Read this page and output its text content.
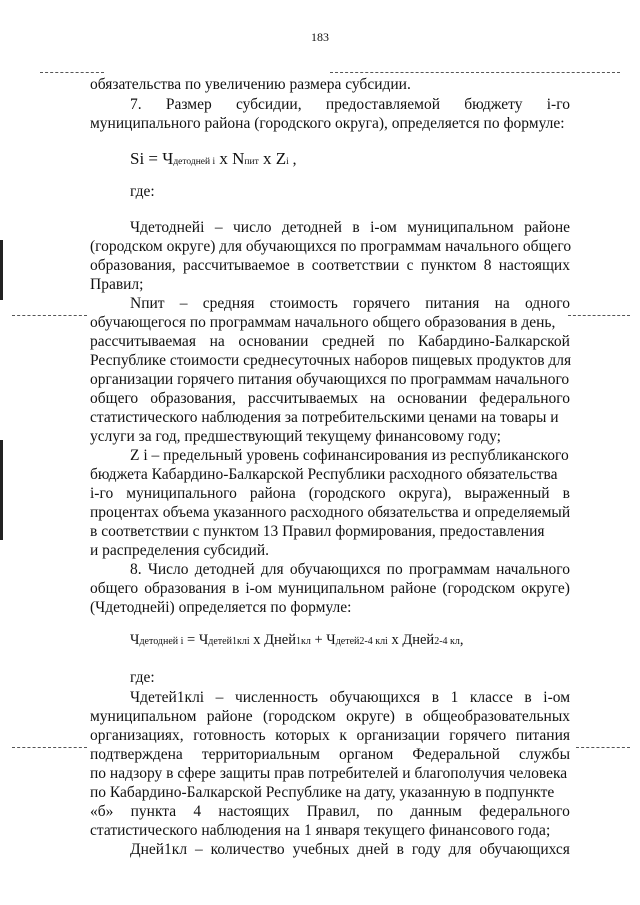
183
обязательства по увеличению размера субсидии.
7. Размер субсидии, предоставляемой бюджету i-го
муниципального района (городского округа), определяется по формуле:
Si = Чдетодней i x Nпит x Zi ,
где:
Чдетоднейi – число детодней в i-ом муниципальном районе
(городском округе) для обучающихся по программам начального общего
образования, рассчитываемое в соответствии с пунктом 8 настоящих
Правил;
Nпит – средняя стоимость горячего питания на одного
обучающегося по программам начального общего образования в день,
рассчитываемая на основании средней по Кабардино-Балкарской
Республике стоимости среднесуточных наборов пищевых продуктов для
организации горячего питания обучающихся по программам начального
общего образования, рассчитываемых на основании федерального
статистического наблюдения за потребительскими ценами на товары и
услуги за год, предшествующий текущему финансовому году;
Z i – предельный уровень софинансирования из республиканского
бюджета Кабардино-Балкарской Республики расходного обязательства
i-го муниципального района (городского округа), выраженный в
процентах объема указанного расходного обязательства и определяемый
в соответствии с пунктом 13 Правил формирования, предоставления
и распределения субсидий.
8. Число детодней для обучающихся по программам начального
общего образования в i-ом муниципальном районе (городском округе)
(Чдетоднейi) определяется по формуле:
Чдетодней i = Чдетей1клi x Дней1кл + Чдетей2-4 клi x Дней2-4 кл,
где:
Чдетей1клi – численность обучающихся в 1 классе в i-ом
муниципальном районе (городском округе) в общеобразовательных
организациях, готовность которых к организации горячего питания
подтверждена территориальным органом Федеральной службы
по надзору в сфере защиты прав потребителей и благополучия человека
по Кабардино-Балкарской Республике на дату, указанную в подпункте
«б» пункта 4 настоящих Правил, по данным федерального
статистического наблюдения на 1 января текущего финансового года;
Дней1кл – количество учебных дней в году для обучающихся
